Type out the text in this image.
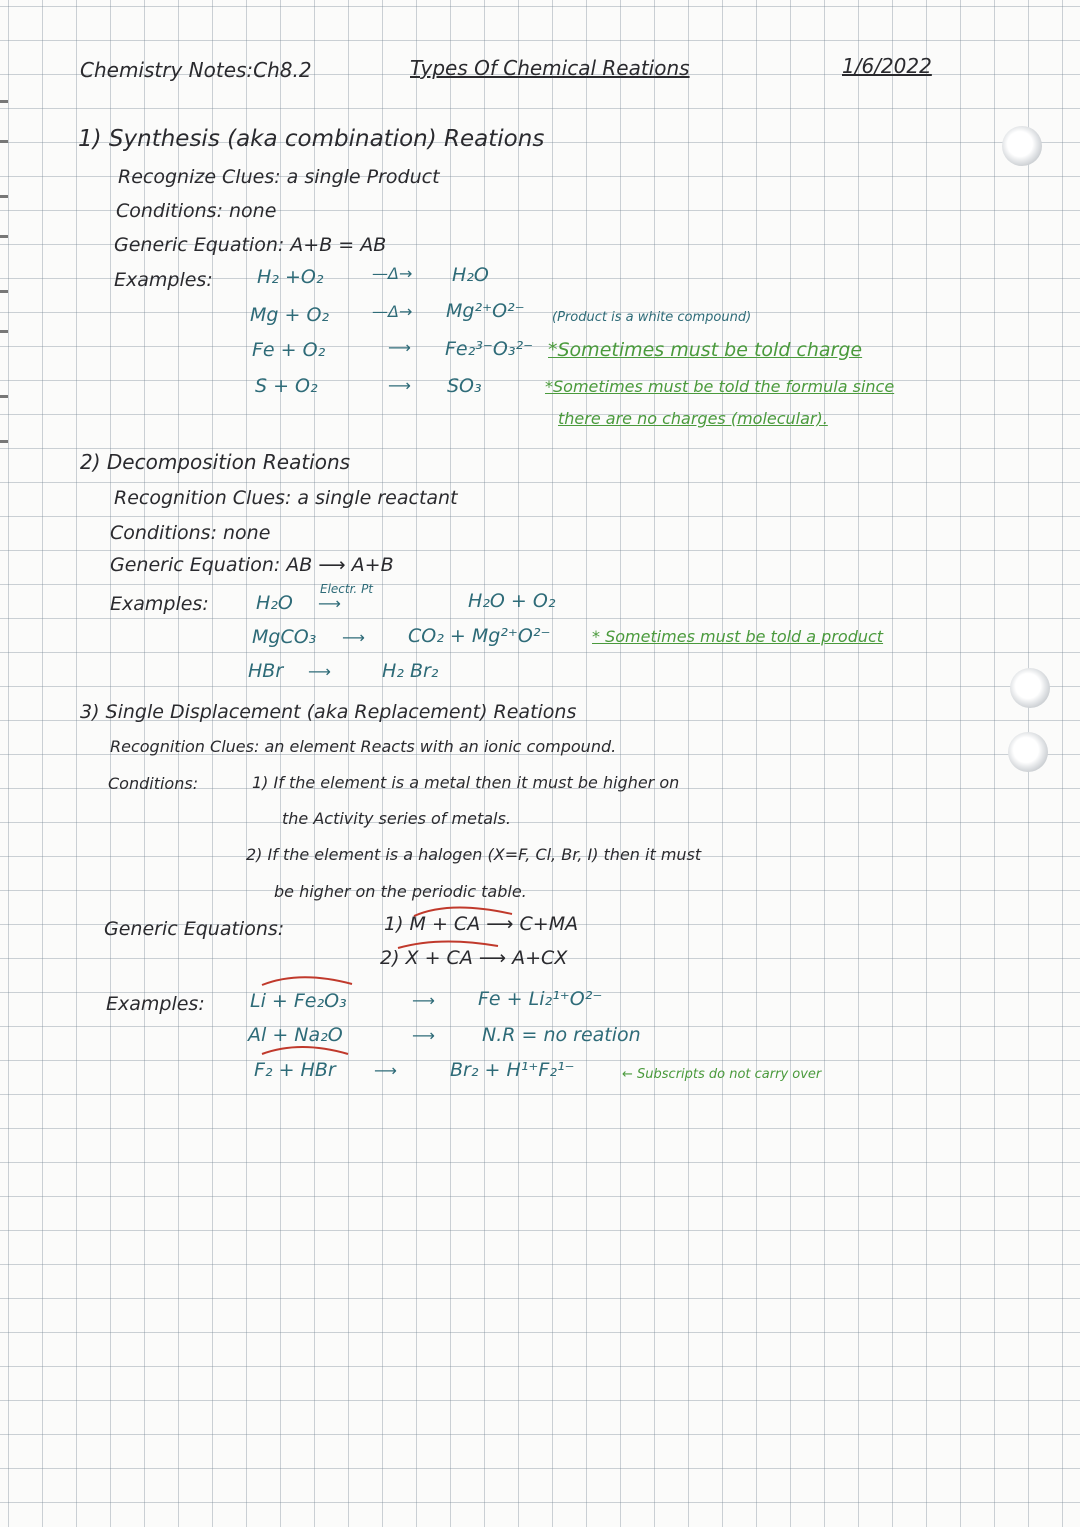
Chemistry Notes:Ch8.2	Types Of Chemical Reations	1/6/2022
1) Synthesis (aka combination) Reations
Recognize Clues: a single Product
Conditions: none
Generic Equation: A+B = AB
Examples: H₂ +O₂	—Δ→ H₂O
Mg + O₂	—Δ→ Mg²⁺O²⁻ (Product is a white compound)
Fe + O₂	⟶ Fe₂³⁻O₃²⁻ *Sometimes must be told charge
S + O₂	⟶ SO₃	*Sometimes must be told the formula since
there are no charges (molecular).
2) Decomposition Reations
Recognition Clues: a single reactant
Conditions: none
Generic Equation: AB ⟶ A+B
Examples:
Electr. Pt
H₂O ⟶	H₂O + O₂
MgCO₃ ⟶ CO₂ + Mg²⁺O²⁻	* Sometimes must be told a product
HBr ⟶	H₂ Br₂
3) Single Displacement (aka Replacement) Reations
Recognition Clues: an element Reacts with an ionic compound.
Conditions:	1) If the element is a metal then it must be higher on
the Activity series of metals.
2) If the element is a halogen (X=F, Cl, Br, I) then it must
be higher on the periodic table.
Generic Equations:	1) M + CA ⟶ C+MA
2) X + CA ⟶ A+CX
Examples: Li + Fe₂O₃	⟶ Fe + Li₂¹⁺O²⁻
Al + Na₂O	⟶ N.R = no reation
F₂ + HBr ⟶	Br₂ + H¹⁺F₂¹⁻	← Subscripts do not carry over
